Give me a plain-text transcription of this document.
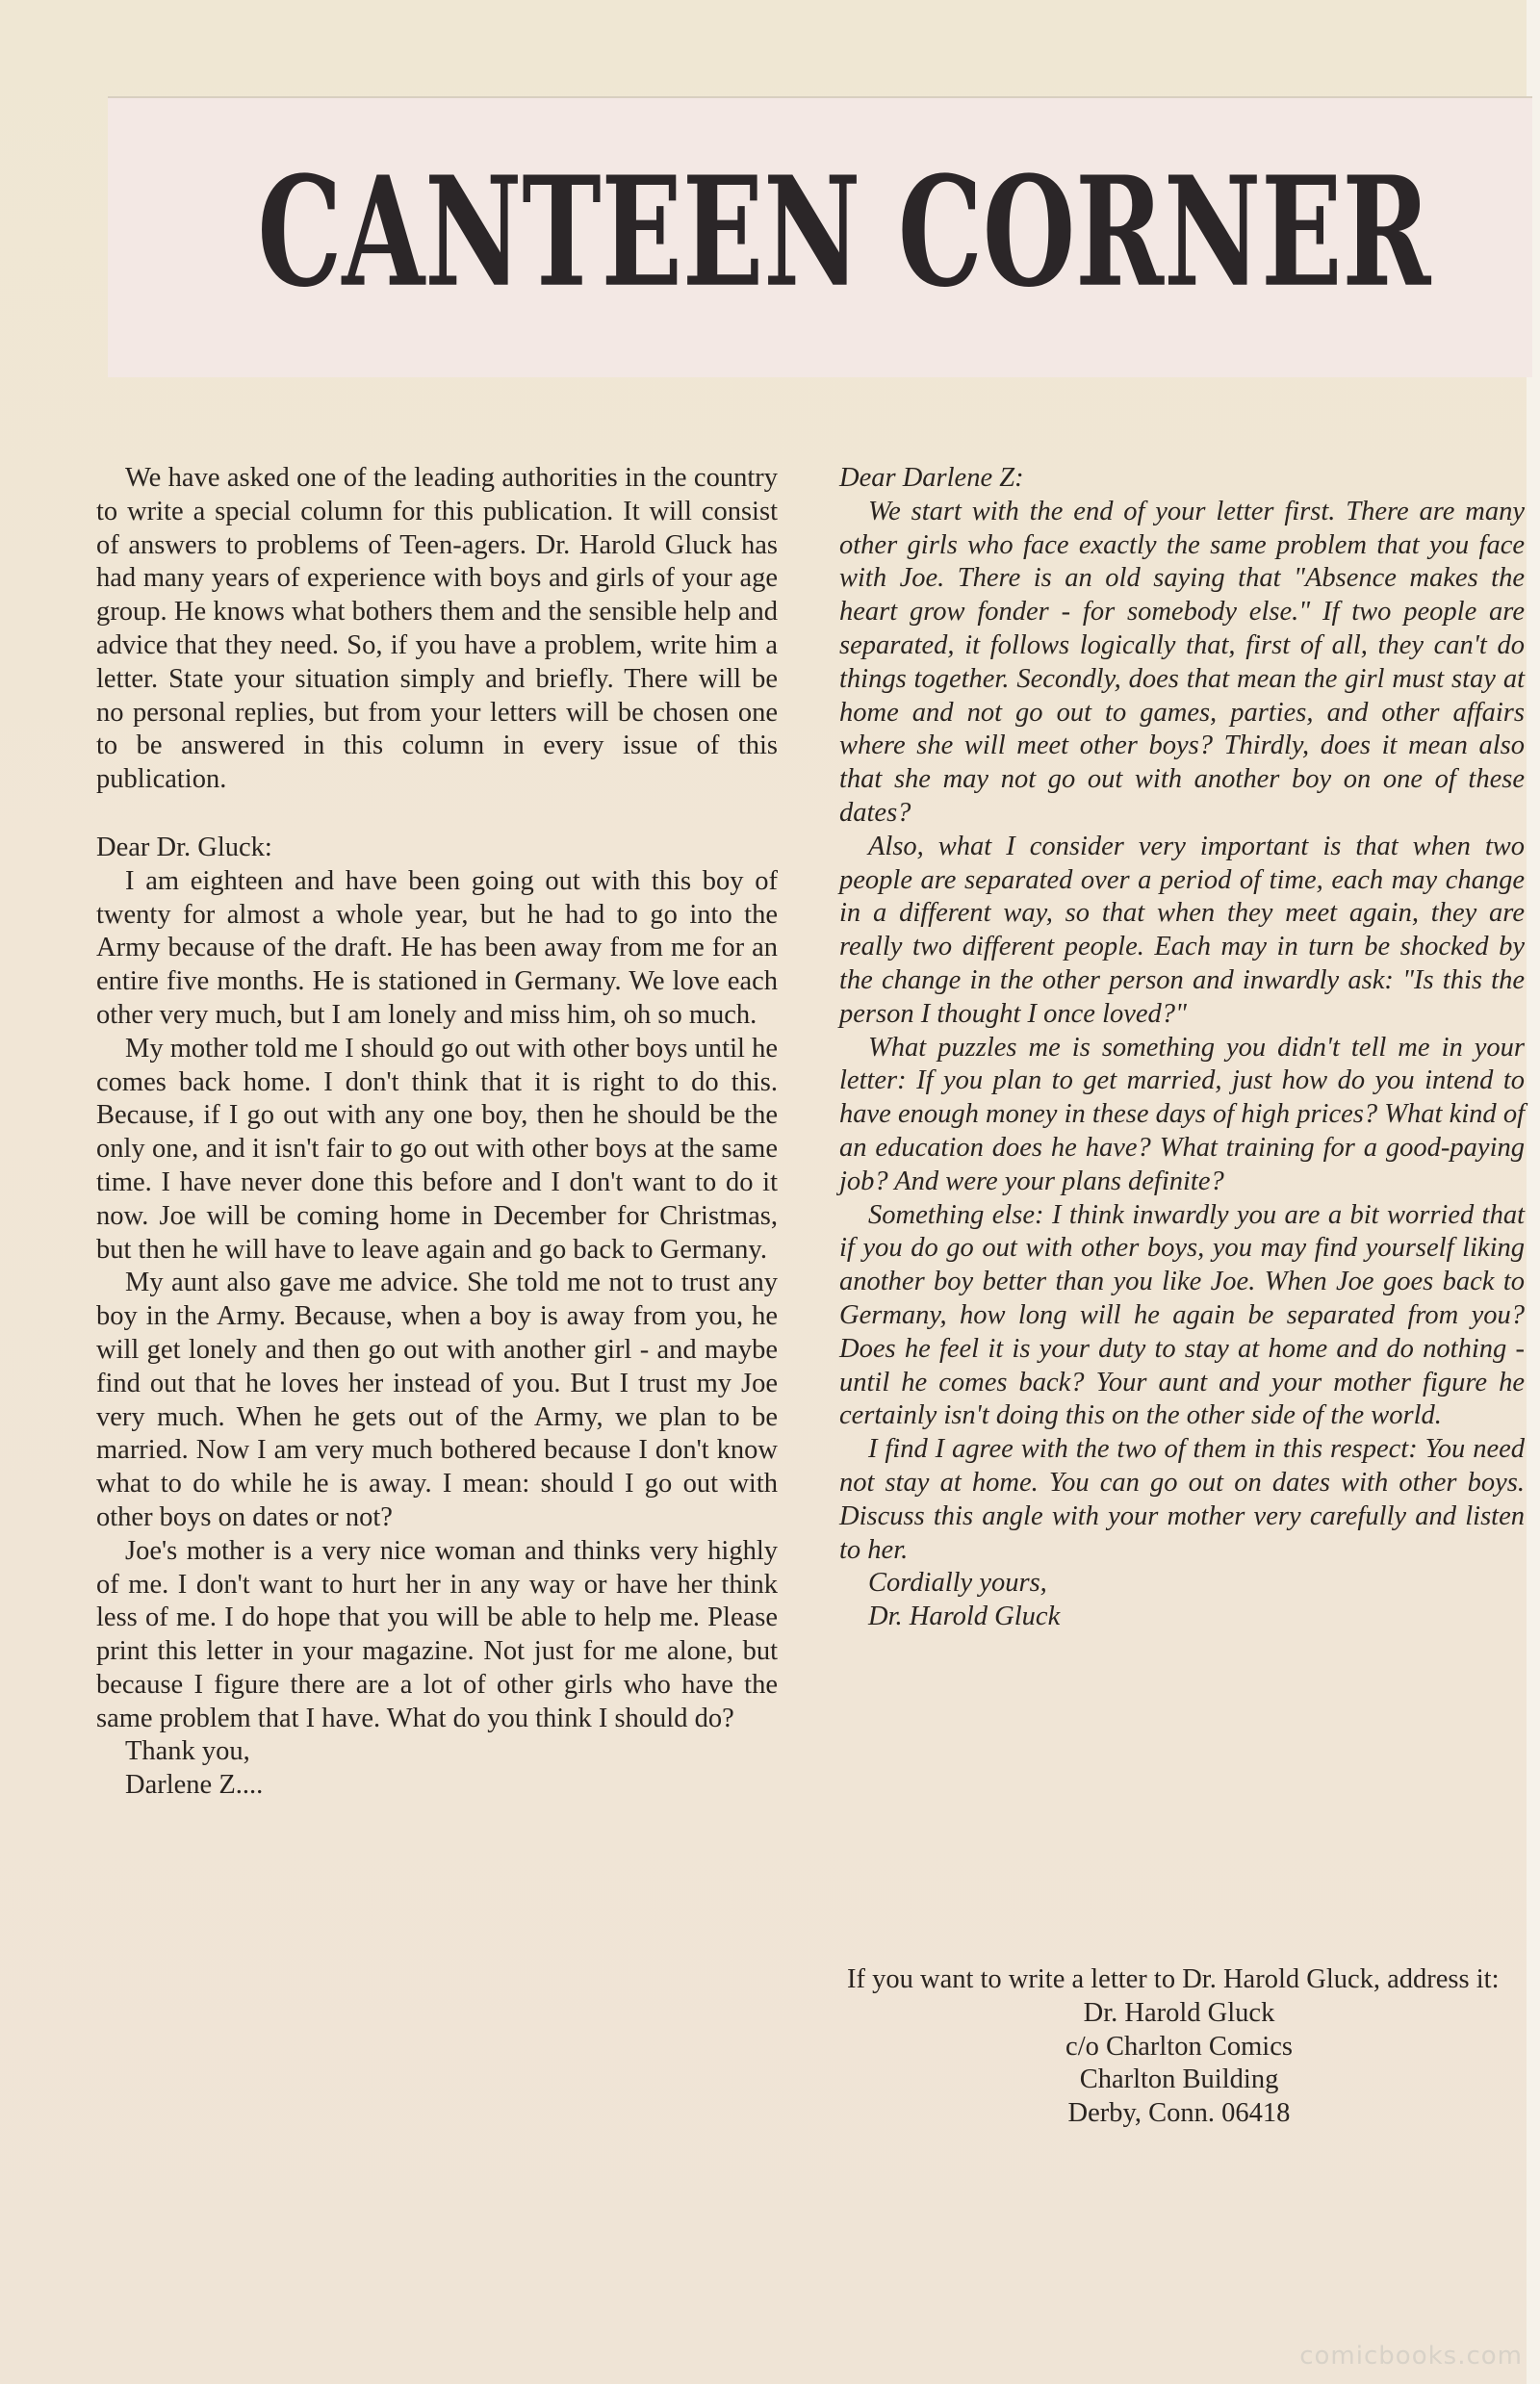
CANTEEN CORNER

We have asked one of the leading authorities in the country to write a special column for this publication. It will consist of answers to problems of Teen-agers. Dr. Harold Gluck has had many years of experience with boys and girls of your age group. He knows what bothers them and the sensible help and advice that they need. So, if you have a problem, write him a letter. State your situation simply and briefly. There will be no personal replies, but from your letters will be chosen one to be answered in this column in every issue of this publication.

Dear Dr. Gluck:

I am eighteen and have been going out with this boy of twenty for almost a whole year, but he had to go into the Army because of the draft. He has been away from me for an entire five months. He is stationed in Germany. We love each other very much, but I am lonely and miss him, oh so much.

My mother told me I should go out with other boys until he comes back home. I don't think that it is right to do this. Because, if I go out with any one boy, then he should be the only one, and it isn't fair to go out with other boys at the same time. I have never done this before and I don't want to do it now. Joe will be coming home in December for Christmas, but then he will have to leave again and go back to Germany.

My aunt also gave me advice. She told me not to trust any boy in the Army. Because, when a boy is away from you, he will get lonely and then go out with another girl - and maybe find out that he loves her instead of you. But I trust my Joe very much. When he gets out of the Army, we plan to be married. Now I am very much bothered because I don't know what to do while he is away. I mean: should I go out with other boys on dates or not?

Joe's mother is a very nice woman and thinks very highly of me. I don't want to hurt her in any way or have her think less of me. I do hope that you will be able to help me. Please print this letter in your magazine. Not just for me alone, but because I figure there are a lot of other girls who have the same problem that I have. What do you think I should do?

Thank you,

Darlene Z....

Dear Darlene Z:

We start with the end of your letter first. There are many other girls who face exactly the same problem that you face with Joe. There is an old saying that "Absence makes the heart grow fonder - for somebody else." If two people are separated, it follows logically that, first of all, they can't do things together. Secondly, does that mean the girl must stay at home and not go out to games, parties, and other affairs where she will meet other boys? Thirdly, does it mean also that she may not go out with another boy on one of these dates?

Also, what I consider very important is that when two people are separated over a period of time, each may change in a different way, so that when they meet again, they are really two different people. Each may in turn be shocked by the change in the other person and inwardly ask: "Is this the person I thought I once loved?"

What puzzles me is something you didn't tell me in your letter: If you plan to get married, just how do you intend to have enough money in these days of high prices? What kind of an education does he have? What training for a good-paying job? And were your plans definite?

Something else: I think inwardly you are a bit worried that if you do go out with other boys, you may find yourself liking another boy better than you like Joe. When Joe goes back to Germany, how long will he again be separated from you? Does he feel it is your duty to stay at home and do nothing - until he comes back? Your aunt and your mother figure he certainly isn't doing this on the other side of the world.

I find I agree with the two of them in this respect: You need not stay at home. You can go out on dates with other boys. Discuss this angle with your mother very carefully and listen to her.

Cordially yours,

Dr. Harold Gluck

If you want to write a letter to Dr. Harold Gluck, address it:

Dr. Harold Gluck
c/o Charlton Comics
Charlton Building
Derby, Conn. 06418
comicbooks.com
